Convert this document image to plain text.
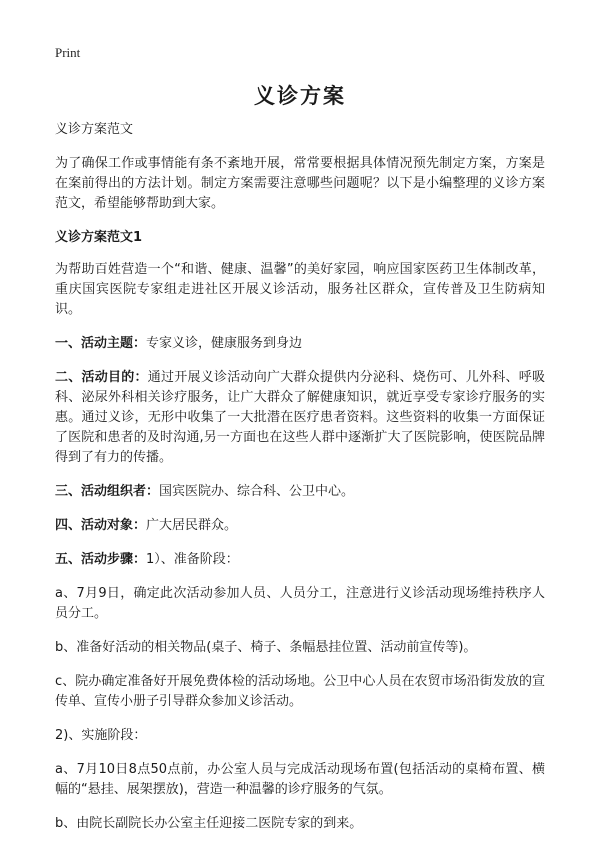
Print
义诊方案

义诊方案范文

为了确保工作或事情能有条不紊地开展，常常要根据具体情况预先制定方案，方案是在案前得出的方法计划。制定方案需要注意哪些问题呢？以下是小编整理的义诊方案范文，希望能够帮助到大家。

义诊方案范文1

为帮助百姓营造一个“和谐、健康、温馨”的美好家园，响应国家医药卫生体制改革，重庆国宾医院专家组走进社区开展义诊活动，服务社区群众，宣传普及卫生防病知识。

一、活动主题：专家义诊，健康服务到身边

二、活动目的：通过开展义诊活动向广大群众提供内分泌科、烧伤可、儿外科、呼吸科、泌尿外科相关诊疗服务，让广大群众了解健康知识，就近享受专家诊疗服务的实惠。通过义诊，无形中收集了一大批潜在医疗患者资料。这些资料的收集一方面保证了医院和患者的及时沟通,另一方面也在这些人群中逐渐扩大了医院影响，使医院品牌得到了有力的传播。

三、活动组织者：国宾医院办、综合科、公卫中心。

四、活动对象：广大居民群众。

五、活动步骤：1）、准备阶段：

a、7月9日，确定此次活动参加人员、人员分工，注意进行义诊活动现场维持秩序人员分工。

b、准备好活动的相关物品(桌子、椅子、条幅悬挂位置、活动前宣传等)。

c、院办确定准备好开展免费体检的活动场地。公卫中心人员在农贸市场沿街发放的宣传单、宣传小册子引导群众参加义诊活动。

2)、实施阶段：

a、7月10日8点50点前，办公室人员与完成活动现场布置(包括活动的桌椅布置、横幅的“悬挂、展架摆放)，营造一种温馨的诊疗服务的气氛。

b、由院长副院长办公室主任迎接二医院专家的到来。
